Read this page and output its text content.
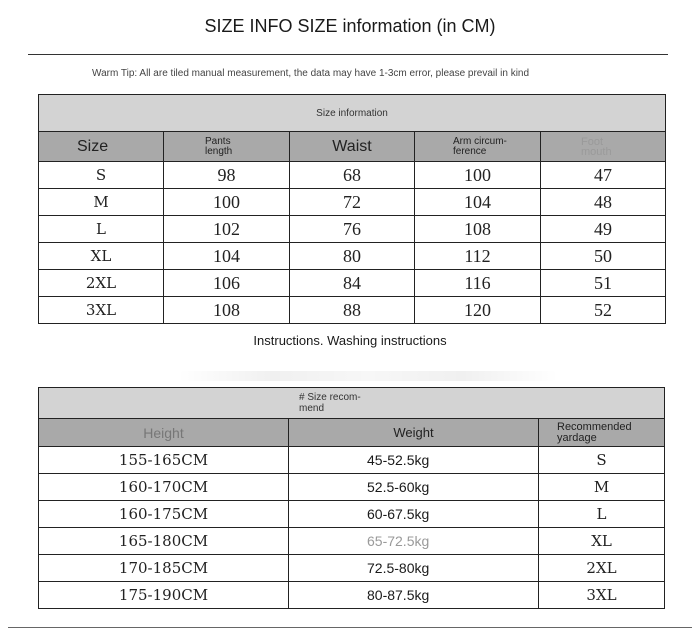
SIZE INFO SIZE information (in CM)
Warm Tip: All are tiled manual measurement, the data may have 1-3cm error, please prevail in kind
Size information				
Size	Pants length	Waist	Arm circum- ference	Foot mouth

S	98	68	100	47
M	100	72	104	48
L	102	76	108	49
XL	104	80	112	50
2XL	106	84	116	51
3XL	108	88	120	52
Instructions. Washing instructions
# Size recom- mend		

Height	Weight	Recommended yardage

155-165CM	45-52.5kg	S
160-170CM	52.5-60kg	M
160-175CM	60-67.5kg	L
165-180CM	65-72.5kg	XL
170-185CM	72.5-80kg	2XL
175-190CM	80-87.5kg	3XL
